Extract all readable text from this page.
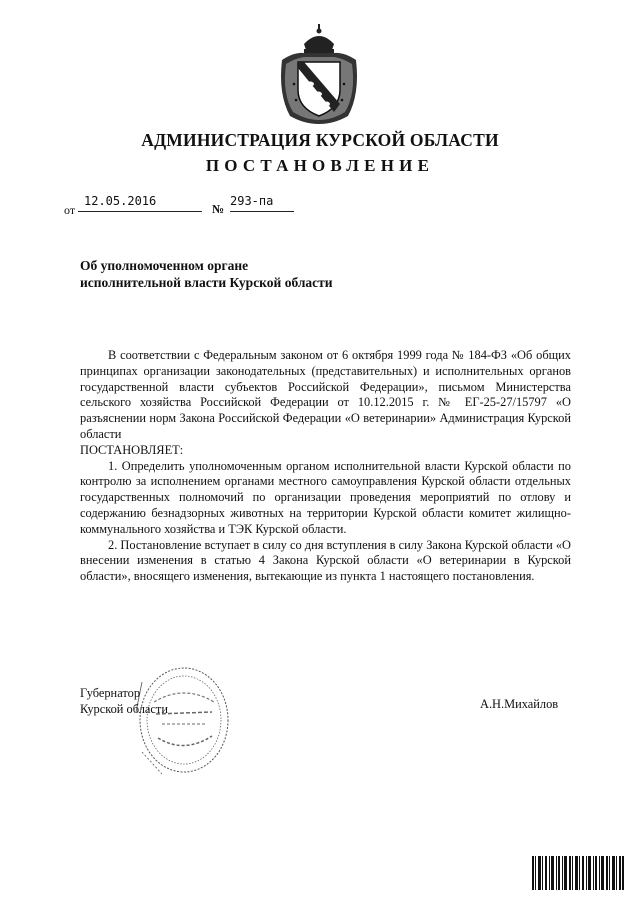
АДМИНИСТРАЦИЯ КУРСКОЙ ОБЛАСТИ
ПОСТАНОВЛЕНИЕ
от
12.05.2016
№
293-па
Об уполномоченном органе
исполнительной власти Курской области

В соответствии с Федеральным законом от 6 октября 1999 года № 184-ФЗ «Об общих принципах организации законодательных (представительных) и исполнительных органов государственной власти субъектов Российской Федерации», письмом Министерства сельского хозяйства Российской Федерации от 10.12.2015 г. № ЕГ-25-27/15797 «О разъяснении норм Закона Российской Федерации «О ветеринарии» Администрация Курской области

ПОСТАНОВЛЯЕТ:

1. Определить уполномоченным органом исполнительной власти Курской области по контролю за исполнением органами местного самоуправления Курской области отдельных государственных полномочий по организации проведения мероприятий по отлову и содержанию безнадзорных животных на территории Курской области комитет жилищно-коммунального хозяйства и ТЭК Курской области.

2. Постановление вступает в силу со дня вступления в силу Закона Курской области «О внесении изменения в статью 4 Закона Курской области «О ветеринарии в Курской области», вносящего изменения, вытекающие из пункта 1 настоящего постановления.

Губернатор
Курской области	А.Н.Михайлов
